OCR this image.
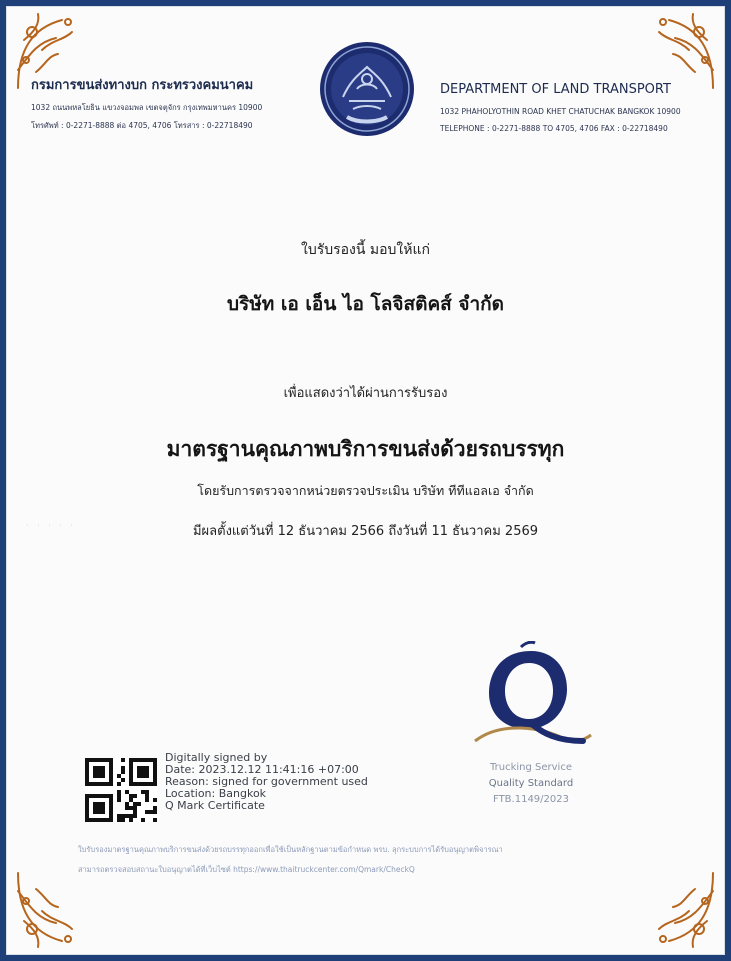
กรมการขนส่งทางบก กระทรวงคมนาคม
1032 ถนนพหลโยธิน แขวงจอมพล เขตจตุจักร กรุงเทพมหานคร 10900
โทรศัพท์ : 0-2271-8888 ต่อ 4705, 4706 โทรสาร : 0-22718490
DEPARTMENT OF LAND TRANSPORT
1032 PHAHOLYOTHIN ROAD KHET CHATUCHAK BANGKOK 10900
TELEPHONE : 0-2271-8888 TO 4705, 4706 FAX : 0-22718490
ใบรับรองนี้ มอบให้แก่
บริษัท เอ เอ็น ไอ โลจิสติคส์ จำกัด
เพื่อแสดงว่าได้ผ่านการรับรอง
มาตรฐานคุณภาพบริการขนส่งด้วยรถบรรทุก
โดยรับการตรวจจากหน่วยตรวจประเมิน บริษัท ทีทีแอลเอ จำกัด
มีผลตั้งแต่วันที่ 12 ธันวาคม 2566 ถึงวันที่ 11 ธันวาคม 2569
· · · · ·
Trucking Service
Quality Standard
FTB.1149/2023
Digitally signed by
Date: 2023.12.12 11:41:16 +07:00
Reason: signed for government used
Location: Bangkok
Q Mark Certificate
ใบรับรองมาตรฐานคุณภาพบริการขนส่งด้วยรถบรรทุกออกเพื่อใช้เป็นหลักฐานตามข้อกำหนด พรบ. ลุกระบบการได้รับอนุญาตพิจารณา
สามารถตรวจสอบสถานะใบอนุญาตได้ที่เว็บไซต์ https://www.thaitruckcenter.com/Qmark/CheckQ
